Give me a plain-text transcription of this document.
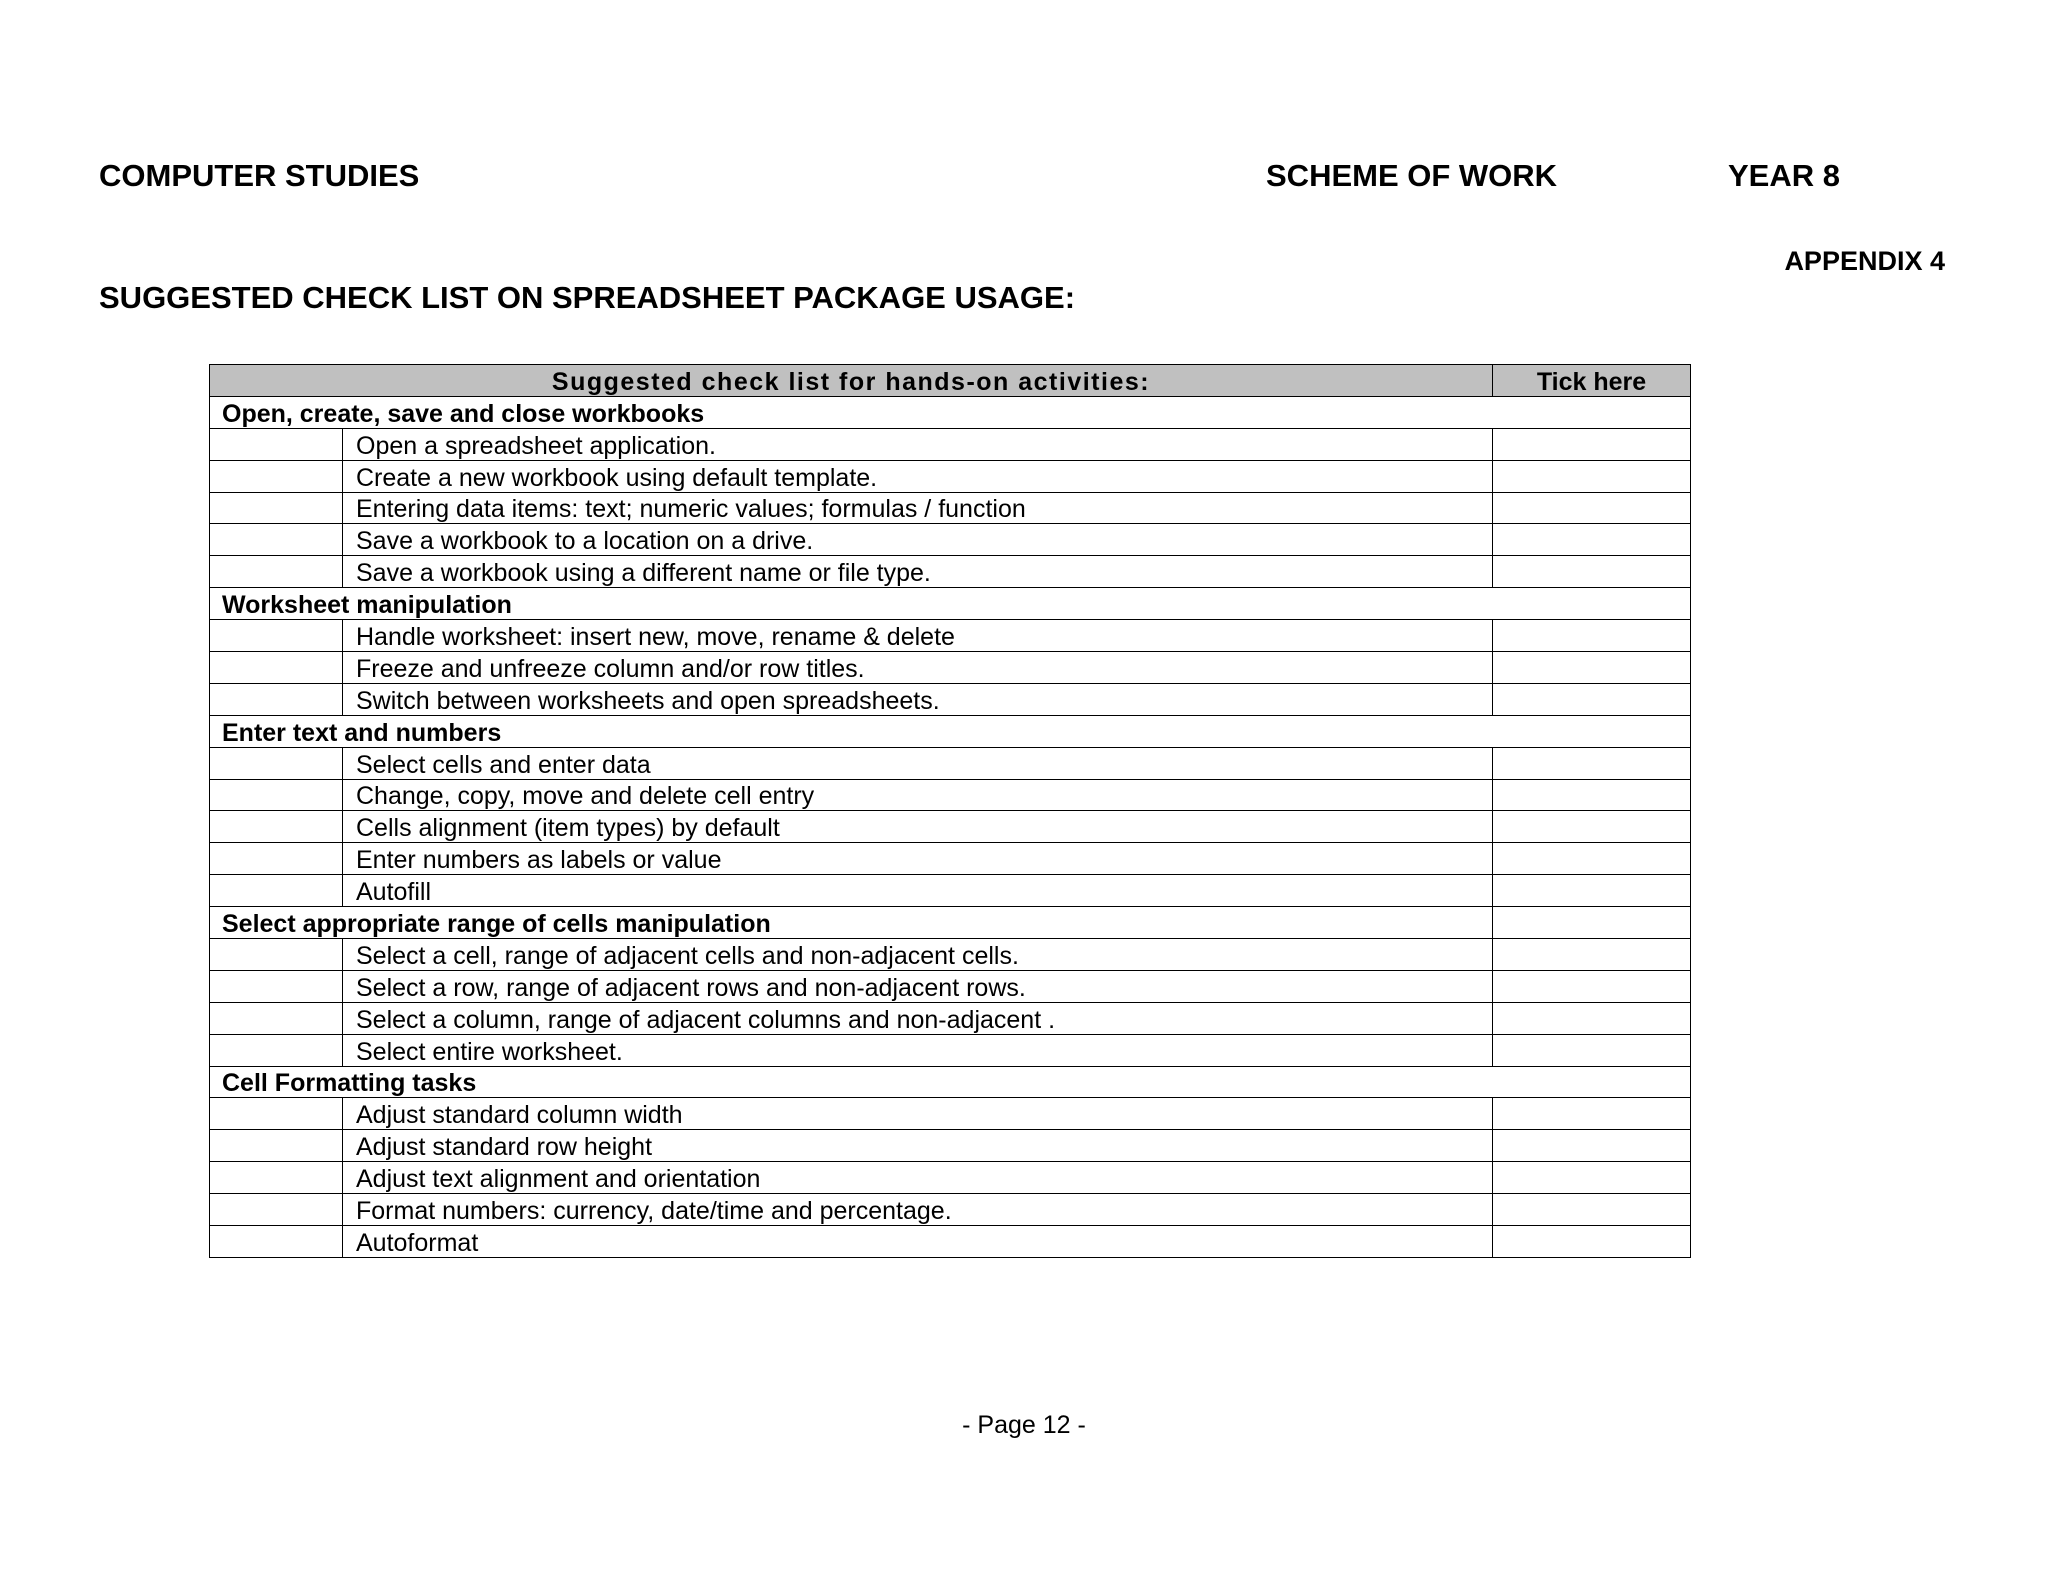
COMPUTER STUDIES	SCHEME OF WORK	YEAR 8
APPENDIX 4
SUGGESTED CHECK LIST ON SPREADSHEET PACKAGE USAGE:
Suggested check list for hands-on activities:		Tick here
Open, create, save and close workbooks		
	Open a spreadsheet application.	
	Create a new workbook using default template.	
	Entering data items: text; numeric values; formulas / function	
	Save a workbook to a location on a drive.	
	Save a workbook using a different name or file type.	
Worksheet manipulation		
	Handle worksheet: insert new, move, rename & delete	
	Freeze and unfreeze column and/or row titles.	
	Switch between worksheets and open spreadsheets.	
Enter text and numbers		
	Select cells and enter data	
	Change, copy, move and delete cell entry	
	Cells alignment (item types) by default	
	Enter numbers as labels or value	
	Autofill	
Select appropriate range of cells manipulation		
	Select a cell, range of adjacent cells and non-adjacent cells.	
	Select a row, range of adjacent rows and non-adjacent rows.	
	Select a column, range of adjacent columns and non-adjacent .	
	Select entire worksheet.	
Cell Formatting tasks		
	Adjust standard column width	
	Adjust standard row height	
	Adjust text alignment and orientation	
	Format numbers: currency, date/time and percentage.	
	Autoformat	
- Page 12 -
